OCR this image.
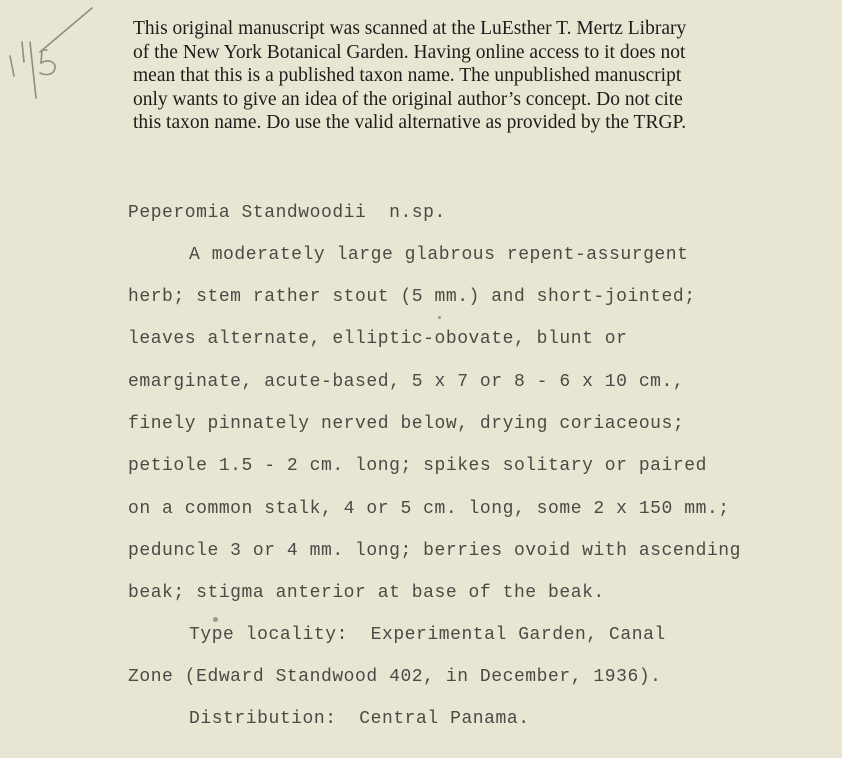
This original manuscript was scanned at the LuEsther T. Mertz Library

of the New York Botanical Garden. Having online access to it does not

mean that this is a published taxon name. The unpublished manuscript

only wants to give an idea of the original author’s concept. Do not cite

this taxon name. Do use the valid alternative as provided by the TRGP.

Peperomia Standwoodii  n.sp.
A moderately large glabrous repent-assurgent
herb; stem rather stout (5 mm.) and short-jointed;
leaves alternate, elliptic-obovate, blunt or
emarginate, acute-based, 5 x 7 or 8 - 6 x 10 cm.,
finely pinnately nerved below, drying coriaceous;
petiole 1.5 - 2 cm. long; spikes solitary or paired
on a common stalk, 4 or 5 cm. long, some 2 x 150 mm.;
peduncle 3 or 4 mm. long; berries ovoid with ascending
beak; stigma anterior at base of the beak.
Type locality:  Experimental Garden, Canal
Zone (Edward Standwood 402, in December, 1936).
Distribution:  Central Panama.
